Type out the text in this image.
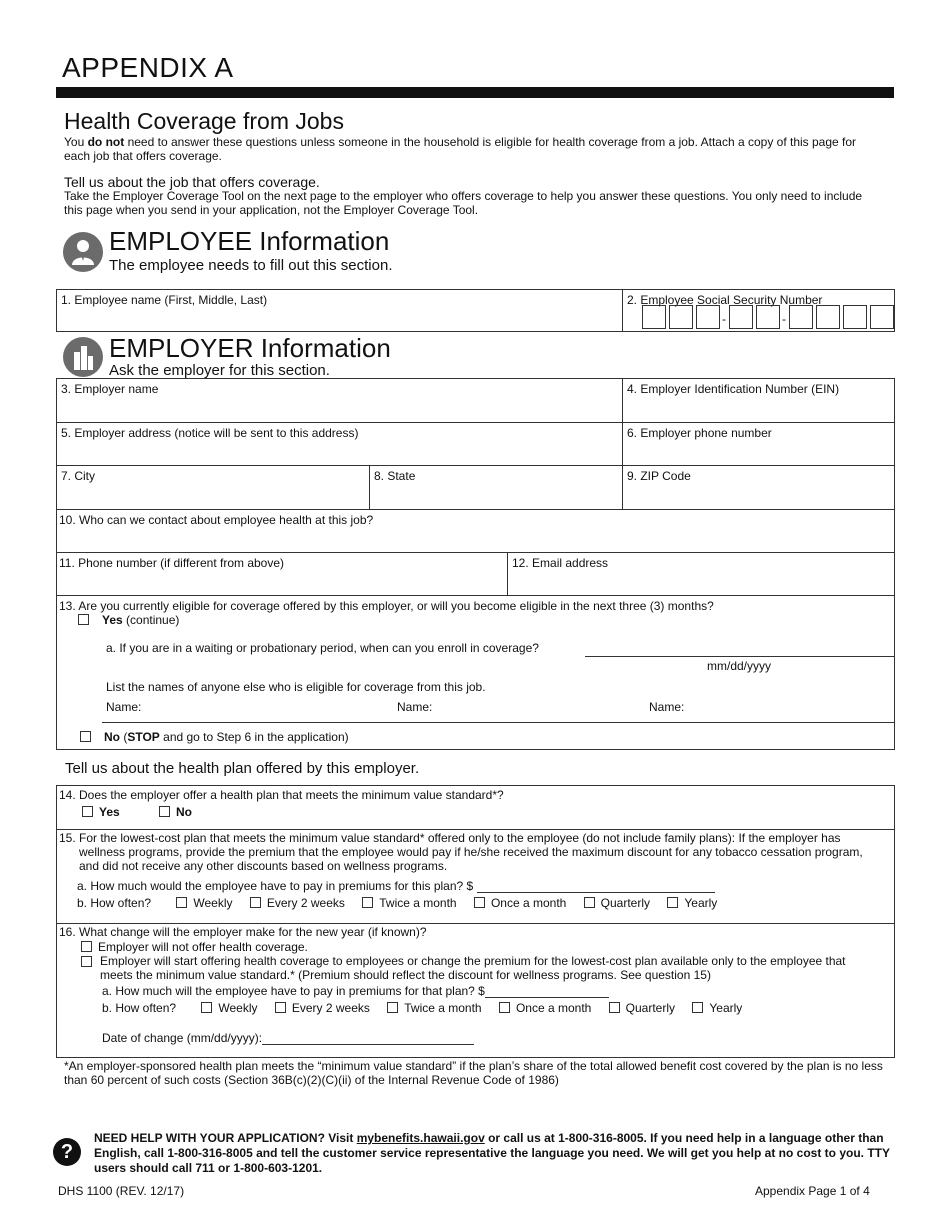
APPENDIX A
Health Coverage from Jobs
You do not need to answer these questions unless someone in the household is eligible for health coverage from a job. Attach a copy of this page for each job that offers coverage.
Tell us about the job that offers coverage.
Take the Employer Coverage Tool on the next page to the employer who offers coverage to help you answer these questions. You only need to include this page when you send in your application, not the Employer Coverage Tool.
EMPLOYEE Information
The employee needs to fill out this section.
1. Employee name (First, Middle, Last)	2. Employee Social Security Number
-	-
EMPLOYER Information
Ask the employer for this section.
3. Employer name	4. Employer Identification Number (EIN)
5. Employer address (notice will be sent to this address)	6. Employer phone number
7. City	8. State	9. ZIP Code
10. Who can we contact about employee health at this job?
11. Phone number (if different from above)	12. Email address
13. Are you currently eligible for coverage offered by this employer, or will you become eligible in the next three (3) months?
Yes (continue)
a. If you are in a waiting or probationary period, when can you enroll in coverage?
mm/dd/yyyy
List the names of anyone else who is eligible for coverage from this job.
Name:	Name:	Name:
No (STOP and go to Step 6 in the application)
Tell us about the health plan offered by this employer.
14. Does the employer offer a health plan that meets the minimum value standard*?
Yes	No
15. For the lowest-cost plan that meets the minimum value standard* offered only to the employee (do not include family plans): If the employer has wellness programs, provide the premium that the employee would pay if he/she received the maximum discount for any tobacco cessation program, and did not receive any other discounts based on wellness programs.
a. How much would the employee have to pay in premiums for this plan? $
b. How often?	Weekly	Every 2 weeks	Twice a month	Once a month	Quarterly	Yearly
16. What change will the employer make for the new year (if known)?
Employer will not offer health coverage.
Employer will start offering health coverage to employees or change the premium for the lowest-cost plan available only to the employee that meets the minimum value standard.* (Premium should reflect the discount for wellness programs. See question 15)
a. How much will the employee have to pay in premiums for that plan? $
b. How often?	Weekly	Every 2 weeks	Twice a month	Once a month	Quarterly	Yearly
Date of change (mm/dd/yyyy):
*An employer-sponsored health plan meets the “minimum value standard” if the plan’s share of the total allowed benefit cost covered by the plan is no less than 60 percent of such costs (Section 36B(c)(2)(C)(ii) of the Internal Revenue Code of 1986)
?
NEED HELP WITH YOUR APPLICATION? Visit mybenefits.hawaii.gov or call us at 1-800-316-8005. If you need help in a language other than English, call 1-800-316-8005 and tell the customer service representative the language you need. We will get you help at no cost to you. TTY users should call 711 or 1-800-603-1201.
DHS 1100 (REV. 12/17)	Appendix Page 1 of 4
